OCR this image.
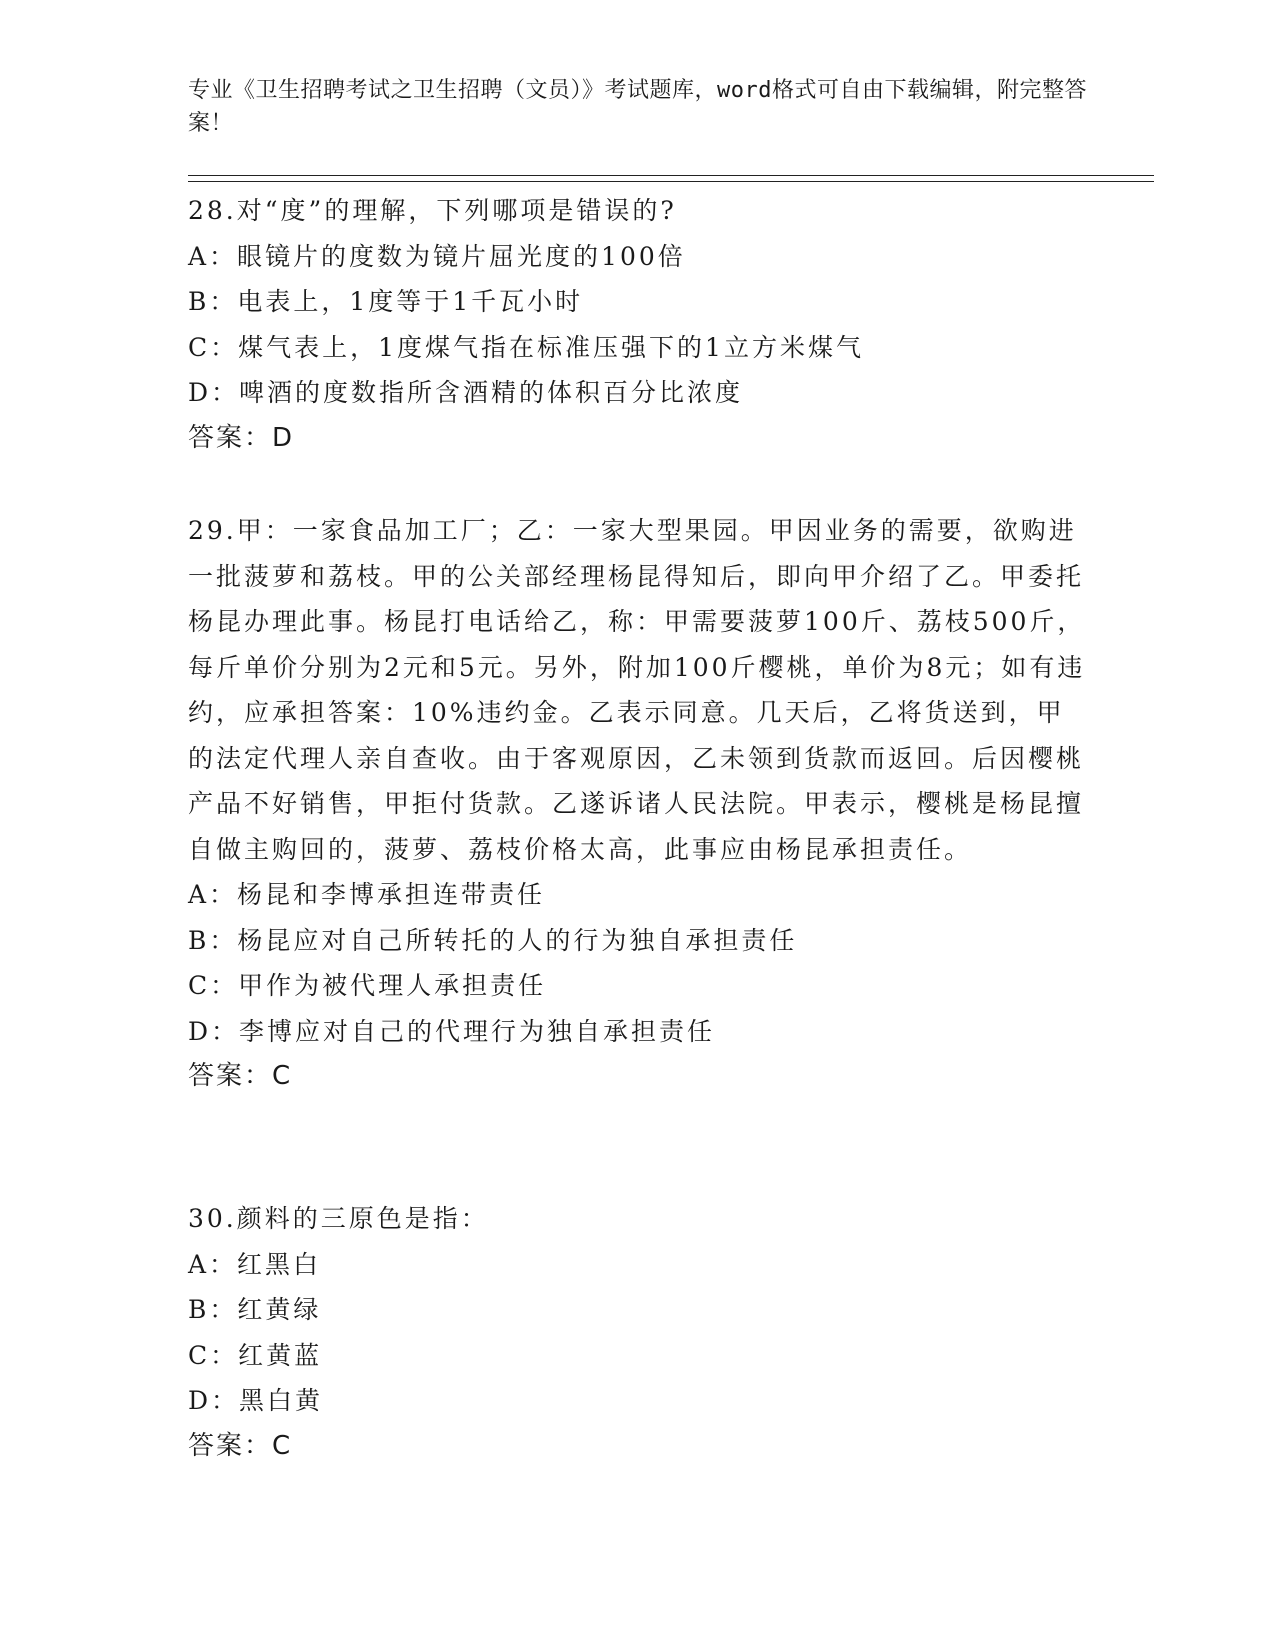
专业《卫生招聘考试之卫生招聘（文员）》考试题库，word格式可自由下载编辑，附完整答案！

28.对“度”的理解，下列哪项是错误的?

A：眼镜片的度数为镜片屈光度的100倍

B：电表上，1度等于1千瓦小时

C：煤气表上，1度煤气指在标准压强下的1立方米煤气

D：啤酒的度数指所含酒精的体积百分比浓度

答案：D

29.甲：一家食品加工厂；乙：一家大型果园。甲因业务的需要，欲购进一批菠萝和荔枝。甲的公关部经理杨昆得知后，即向甲介绍了乙。甲委托杨昆办理此事。杨昆打电话给乙，称：甲需要菠萝100斤、荔枝500斤，每斤单价分别为2元和5元。另外，附加100斤樱桃，单价为8元；如有违约，应承担答案：10%违约金。乙表示同意。几天后，乙将货送到，甲的法定代理人亲自查收。由于客观原因，乙未领到货款而返回。后因樱桃产品不好销售，甲拒付货款。乙遂诉诸人民法院。甲表示，樱桃是杨昆擅自做主购回的，菠萝、荔枝价格太高，此事应由杨昆承担责任。

A：杨昆和李博承担连带责任

B：杨昆应对自己所转托的人的行为独自承担责任

C：甲作为被代理人承担责任

D：李博应对自己的代理行为独自承担责任

答案：C

30.颜料的三原色是指：

A：红黑白

B：红黄绿

C：红黄蓝

D：黑白黄

答案：C
